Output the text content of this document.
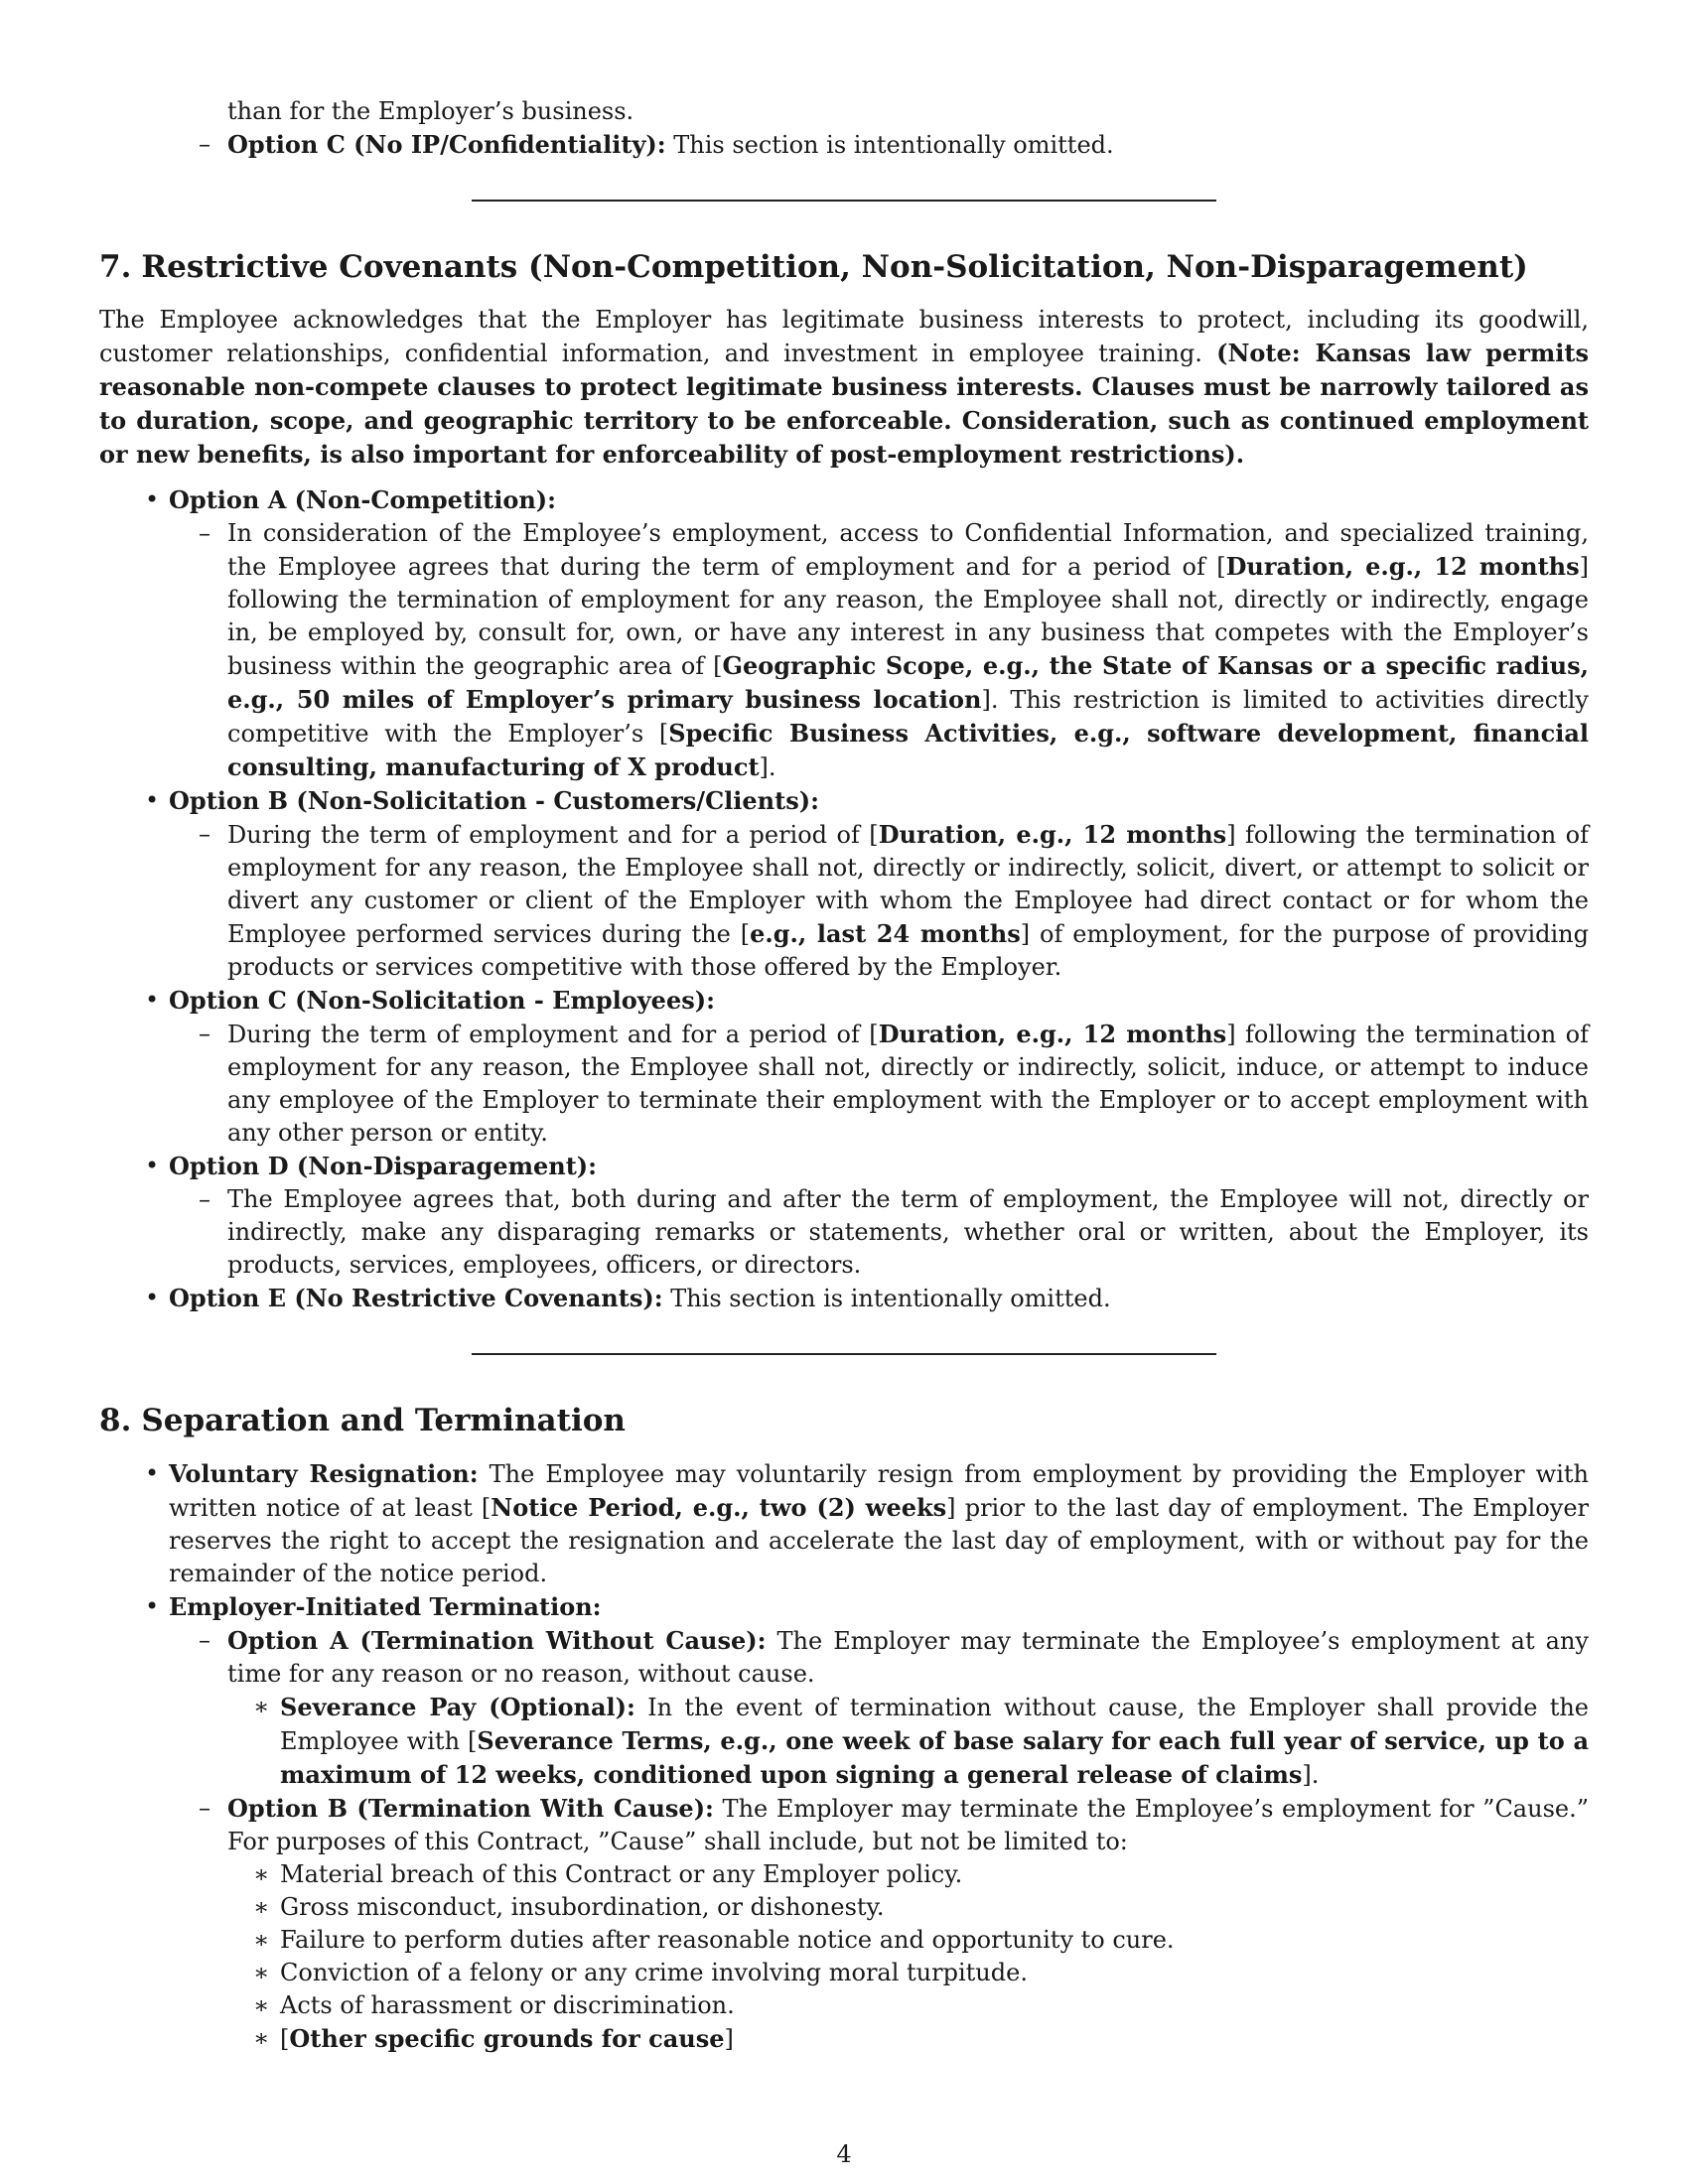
than for the Employer’s business.
– Option C (No IP/Confidentiality): This section is intentionally omitted.
7. Restrictive Covenants (Non-Competition, Non-Solicitation, Non-Disparagement)
The Employee acknowledges that the Employer has legitimate business interests to protect, including its goodwill, customer relationships, confidential information, and investment in employee training. (Note: Kansas law permits reasonable non-compete clauses to protect legitimate business interests. Clauses must be narrowly tailored as to duration, scope, and geographic territory to be enforceable. Consideration, such as continued employment or new benefits, is also important for enforceability of post-employment restrictions).
• Option A (Non-Competition):
– In consideration of the Employee’s employment, access to Confidential Information, and specialized training, the Employee agrees that during the term of employment and for a period of [Duration, e.g., 12 months] following the termination of employment for any reason, the Employee shall not, directly or indirectly, engage in, be employed by, consult for, own, or have any interest in any business that competes with the Employer’s business within the geographic area of [Geographic Scope, e.g., the State of Kansas or a specific radius, e.g., 50 miles of Employer’s primary business location]. This restriction is limited to activities directly competitive with the Employer’s [Specific Business Activities, e.g., software development, financial consulting, manufacturing of X product].
• Option B (Non-Solicitation - Customers/Clients):
– During the term of employment and for a period of [Duration, e.g., 12 months] following the termination of employment for any reason, the Employee shall not, directly or indirectly, solicit, divert, or attempt to solicit or divert any customer or client of the Employer with whom the Employee had direct contact or for whom the Employee performed services during the [e.g., last 24 months] of employment, for the purpose of providing products or services competitive with those offered by the Employer.
• Option C (Non-Solicitation - Employees):
– During the term of employment and for a period of [Duration, e.g., 12 months] following the termination of employment for any reason, the Employee shall not, directly or indirectly, solicit, induce, or attempt to induce any employee of the Employer to terminate their employment with the Employer or to accept employment with any other person or entity.
• Option D (Non-Disparagement):
– The Employee agrees that, both during and after the term of employment, the Employee will not, directly or indirectly, make any disparaging remarks or statements, whether oral or written, about the Employer, its products, services, employees, officers, or directors.
• Option E (No Restrictive Covenants): This section is intentionally omitted.
8. Separation and Termination
• Voluntary Resignation: The Employee may voluntarily resign from employment by providing the Employer with written notice of at least [Notice Period, e.g., two (2) weeks] prior to the last day of employment. The Employer reserves the right to accept the resignation and accelerate the last day of employment, with or without pay for the remainder of the notice period.
• Employer-Initiated Termination:
– Option A (Termination Without Cause): The Employer may terminate the Employee’s employment at any time for any reason or no reason, without cause.
∗ Severance Pay (Optional): In the event of termination without cause, the Employer shall provide the Employee with [Severance Terms, e.g., one week of base salary for each full year of service, up to a maximum of 12 weeks, conditioned upon signing a general release of claims].
– Option B (Termination With Cause): The Employer may terminate the Employee’s employment for ”Cause.” For purposes of this Contract, ”Cause” shall include, but not be limited to:
∗ Material breach of this Contract or any Employer policy.
∗ Gross misconduct, insubordination, or dishonesty.
∗ Failure to perform duties after reasonable notice and opportunity to cure.
∗ Conviction of a felony or any crime involving moral turpitude.
∗ Acts of harassment or discrimination.
∗ [Other specific grounds for cause]
4
